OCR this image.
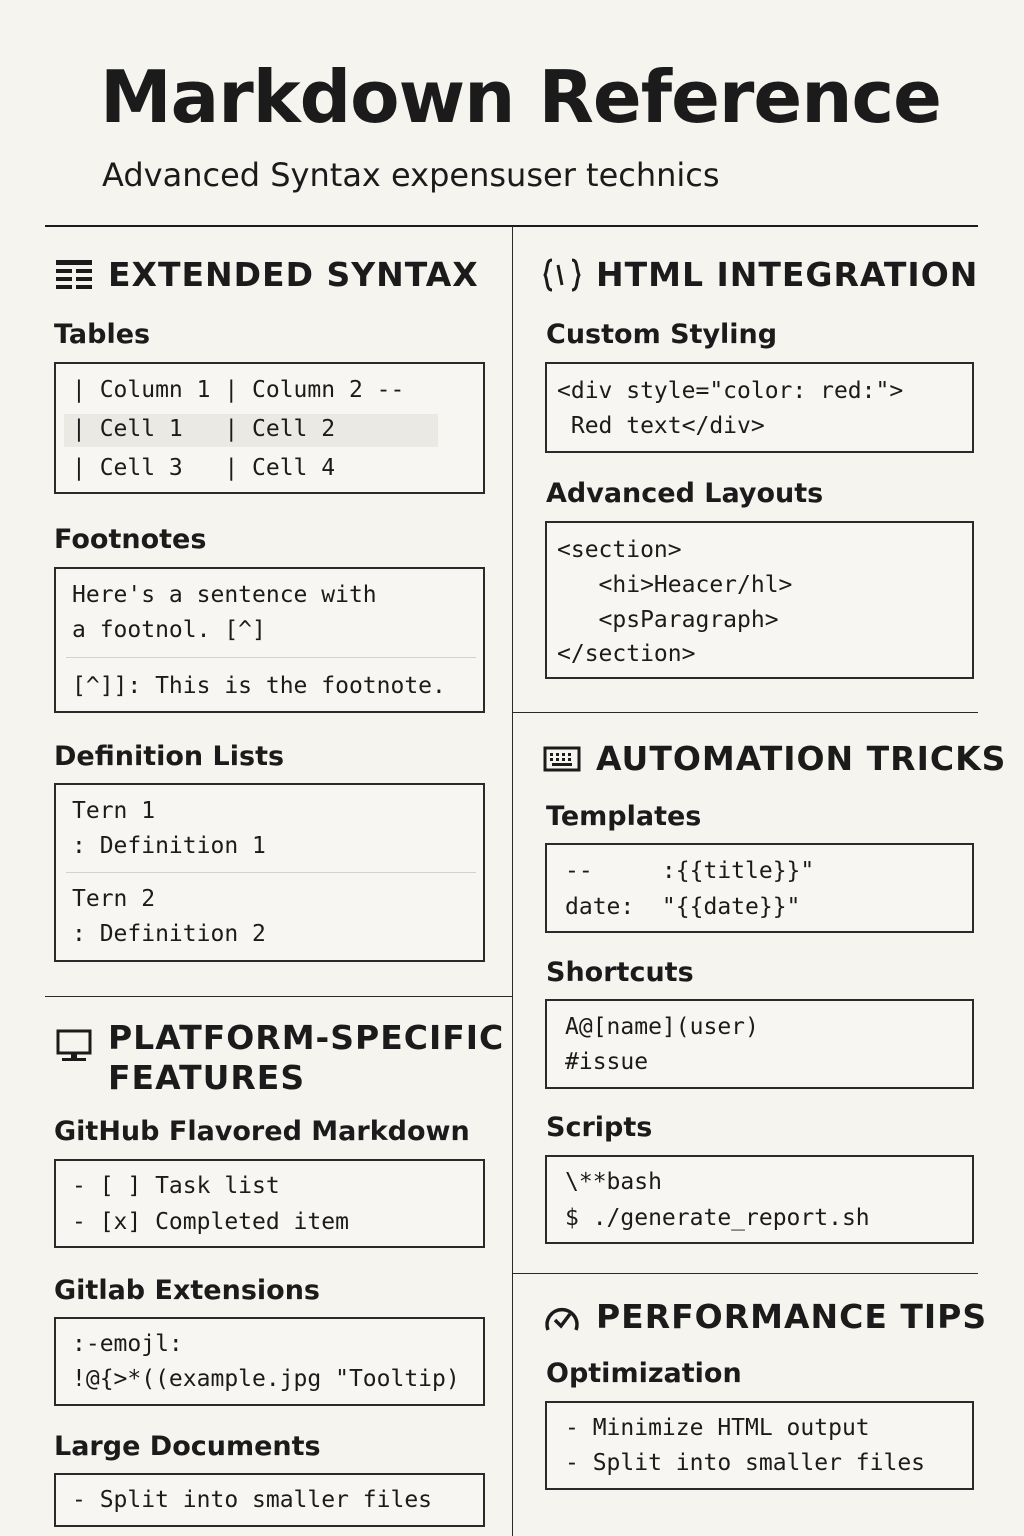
Markdown Reference

Advanced Syntax expensuser technics

EXTENDED SYNTAX

Tables

| Column 1 | Column 2 --
| Cell 1   | Cell 2
| Cell 3   | Cell 4

Footnotes

Here's a sentence with
a footnol. [^]
[^]]: This is the footnote.

Definition Lists

Tern 1
: Definition 1
Tern 2
: Definition 2
PLATFORM-SPECIFIC
FEATURES

GitHub Flavored Markdown

- [ ] Task list
- [x] Completed item

Gitlab Extensions

:-emojl:
!@{>*((example.jpg "Tooltip)

Large Documents

- Split into smaller files
HTML INTEGRATION

Custom Styling

<div style="color: red:">
Red text</div>

Advanced Layouts

<section>
<hi>Heacer/hl>
<psParagraph>
</section>
AUTOMATION TRICKS

Templates

--     :{{title}}"
date:  "{{date}}"

Shortcuts

A@[name](user)
#issue

Scripts

\**bash
$ ./generate_report.sh
PERFORMANCE TIPS

Optimization

- Minimize HTML output
- Split into smaller files
